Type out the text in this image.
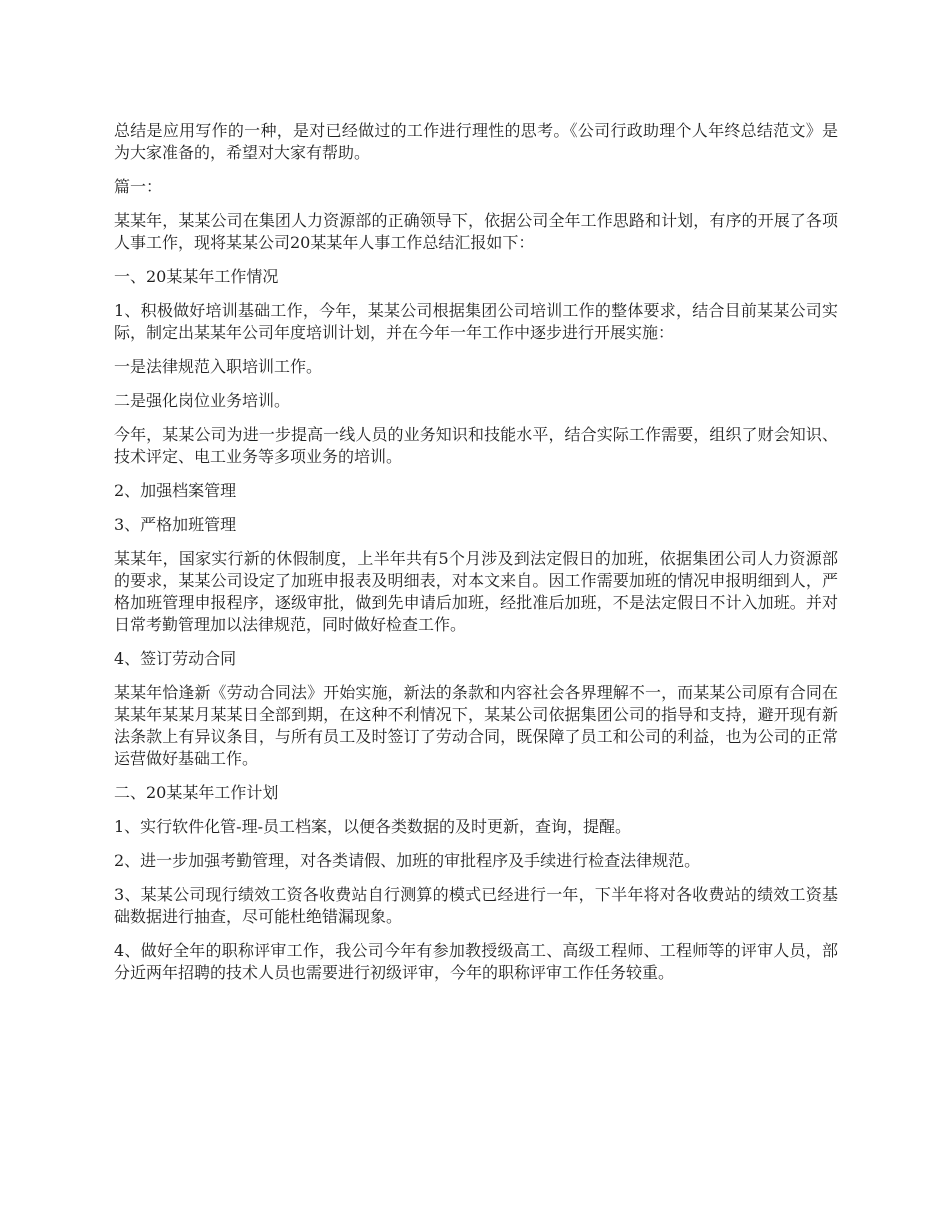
总结是应用写作的一种，是对已经做过的工作进行理性的思考。《公司行政助理个人年终总结范文》是为大家准备的，希望对大家有帮助。

篇一：

某某年，某某公司在集团人力资源部的正确领导下，依据公司全年工作思路和计划，有序的开展了各项人事工作，现将某某公司20某某年人事工作总结汇报如下：

一、20某某年工作情况

1、积极做好培训基础工作，今年，某某公司根据集团公司培训工作的整体要求，结合目前某某公司实际，制定出某某年公司年度培训计划，并在今年一年工作中逐步进行开展实施：

一是法律规范入职培训工作。

二是强化岗位业务培训。

今年，某某公司为进一步提高一线人员的业务知识和技能水平，结合实际工作需要，组织了财会知识、技术评定、电工业务等多项业务的培训。

2、加强档案管理

3、严格加班管理

某某年，国家实行新的休假制度，上半年共有5个月涉及到法定假日的加班，依据集团公司人力资源部的要求，某某公司设定了加班申报表及明细表，对本文来自。因工作需要加班的情况申报明细到人，严格加班管理申报程序，逐级审批，做到先申请后加班，经批准后加班，不是法定假日不计入加班。并对日常考勤管理加以法律规范，同时做好检查工作。

4、签订劳动合同

某某年恰逢新《劳动合同法》开始实施，新法的条款和内容社会各界理解不一，而某某公司原有合同在某某年某某月某某日全部到期，在这种不利情况下，某某公司依据集团公司的指导和支持，避开现有新法条款上有异议条目，与所有员工及时签订了劳动合同，既保障了员工和公司的利益，也为公司的正常运营做好基础工作。

二、20某某年工作计划

1、实行软件化管-理-员工档案，以便各类数据的及时更新，查询，提醒。

2、进一步加强考勤管理，对各类请假、加班的审批程序及手续进行检查法律规范。

3、某某公司现行绩效工资各收费站自行测算的模式已经进行一年，下半年将对各收费站的绩效工资基础数据进行抽查，尽可能杜绝错漏现象。

4、做好全年的职称评审工作，我公司今年有参加教授级高工、高级工程师、工程师等的评审人员，部分近两年招聘的技术人员也需要进行初级评审，今年的职称评审工作任务较重。
